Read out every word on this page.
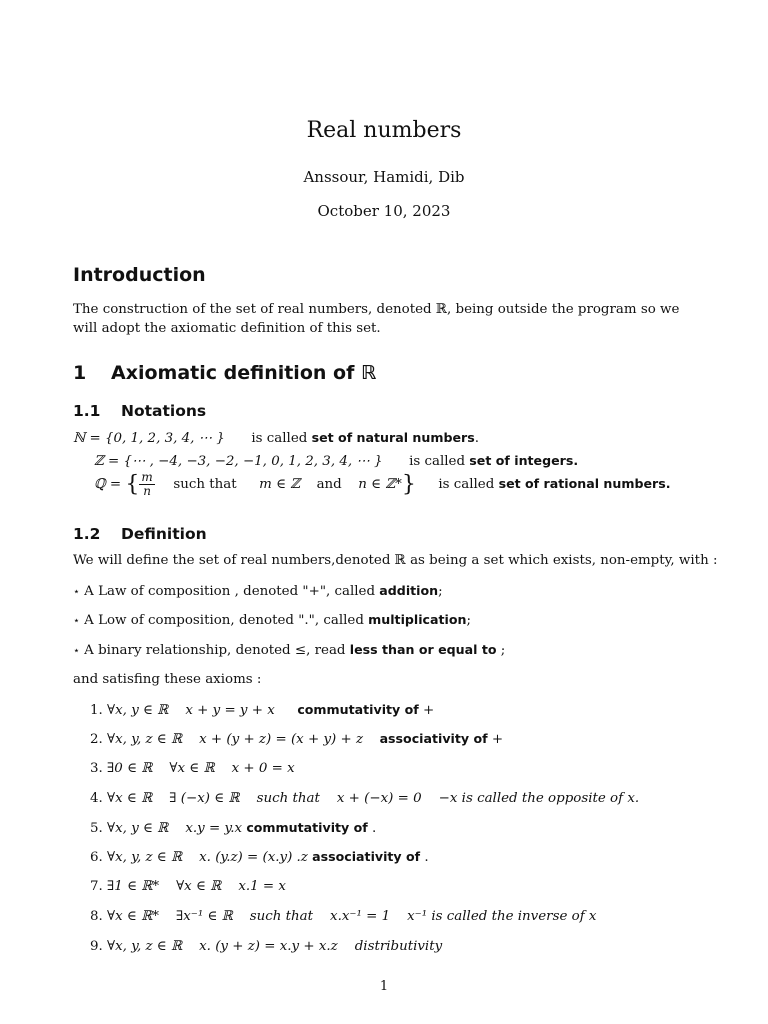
Real numbers
Anssour, Hamidi, Dib
October 10, 2023
Introduction
The construction of the set of real numbers, denoted ℝ, being outside the program so we will adopt the axiomatic definition of this set.
1 Axiomatic definition of ℝ
1.1 Notations
ℕ = {0, 1, 2, 3, 4, ⋯ } is called set of natural numbers.
ℤ = {⋯ , −4, −3, −2, −1, 0, 1, 2, 3, 4, ⋯ } is called set of integers.
ℚ = { $\frac{m}{n}$ such that m ∈ ℤ and n ∈ ℤ*} is called set of rational numbers.
1.2 Definition
We will define the set of real numbers,denoted ℝ as being a set which exists, non-empty, with :
⋆ A Law of composition , denoted "+", called addition;
⋆ A Low of composition, denoted ".", called multiplication;
⋆ A binary relationship, denoted ≤, read less than or equal to ;
and satisfing these axioms :
1. ∀x, y ∈ ℝ    x + y = y + x commutativity of +
2. ∀x, y, z ∈ ℝ    x + (y + z) = (x + y) + z associativity of +
3. ∃0 ∈ ℝ    ∀x ∈ ℝ    x + 0 = x
4. ∀x ∈ ℝ    ∃ (−x) ∈ ℝ    such that    x + (−x) = 0    −x is called the opposite of x.
5. ∀x, y ∈ ℝ    x.y = y.x commutativity of .
6. ∀x, y, z ∈ ℝ    x. (y.z) = (x.y) .z associativity of .
7. ∃1 ∈ ℝ*    ∀x ∈ ℝ    x.1 = x
8. ∀x ∈ ℝ*    ∃x⁻¹ ∈ ℝ    such that    x.x⁻¹ = 1    x⁻¹ is called the inverse of x
9. ∀x, y, z ∈ ℝ    x. (y + z) = x.y + x.z    distributivity
1
